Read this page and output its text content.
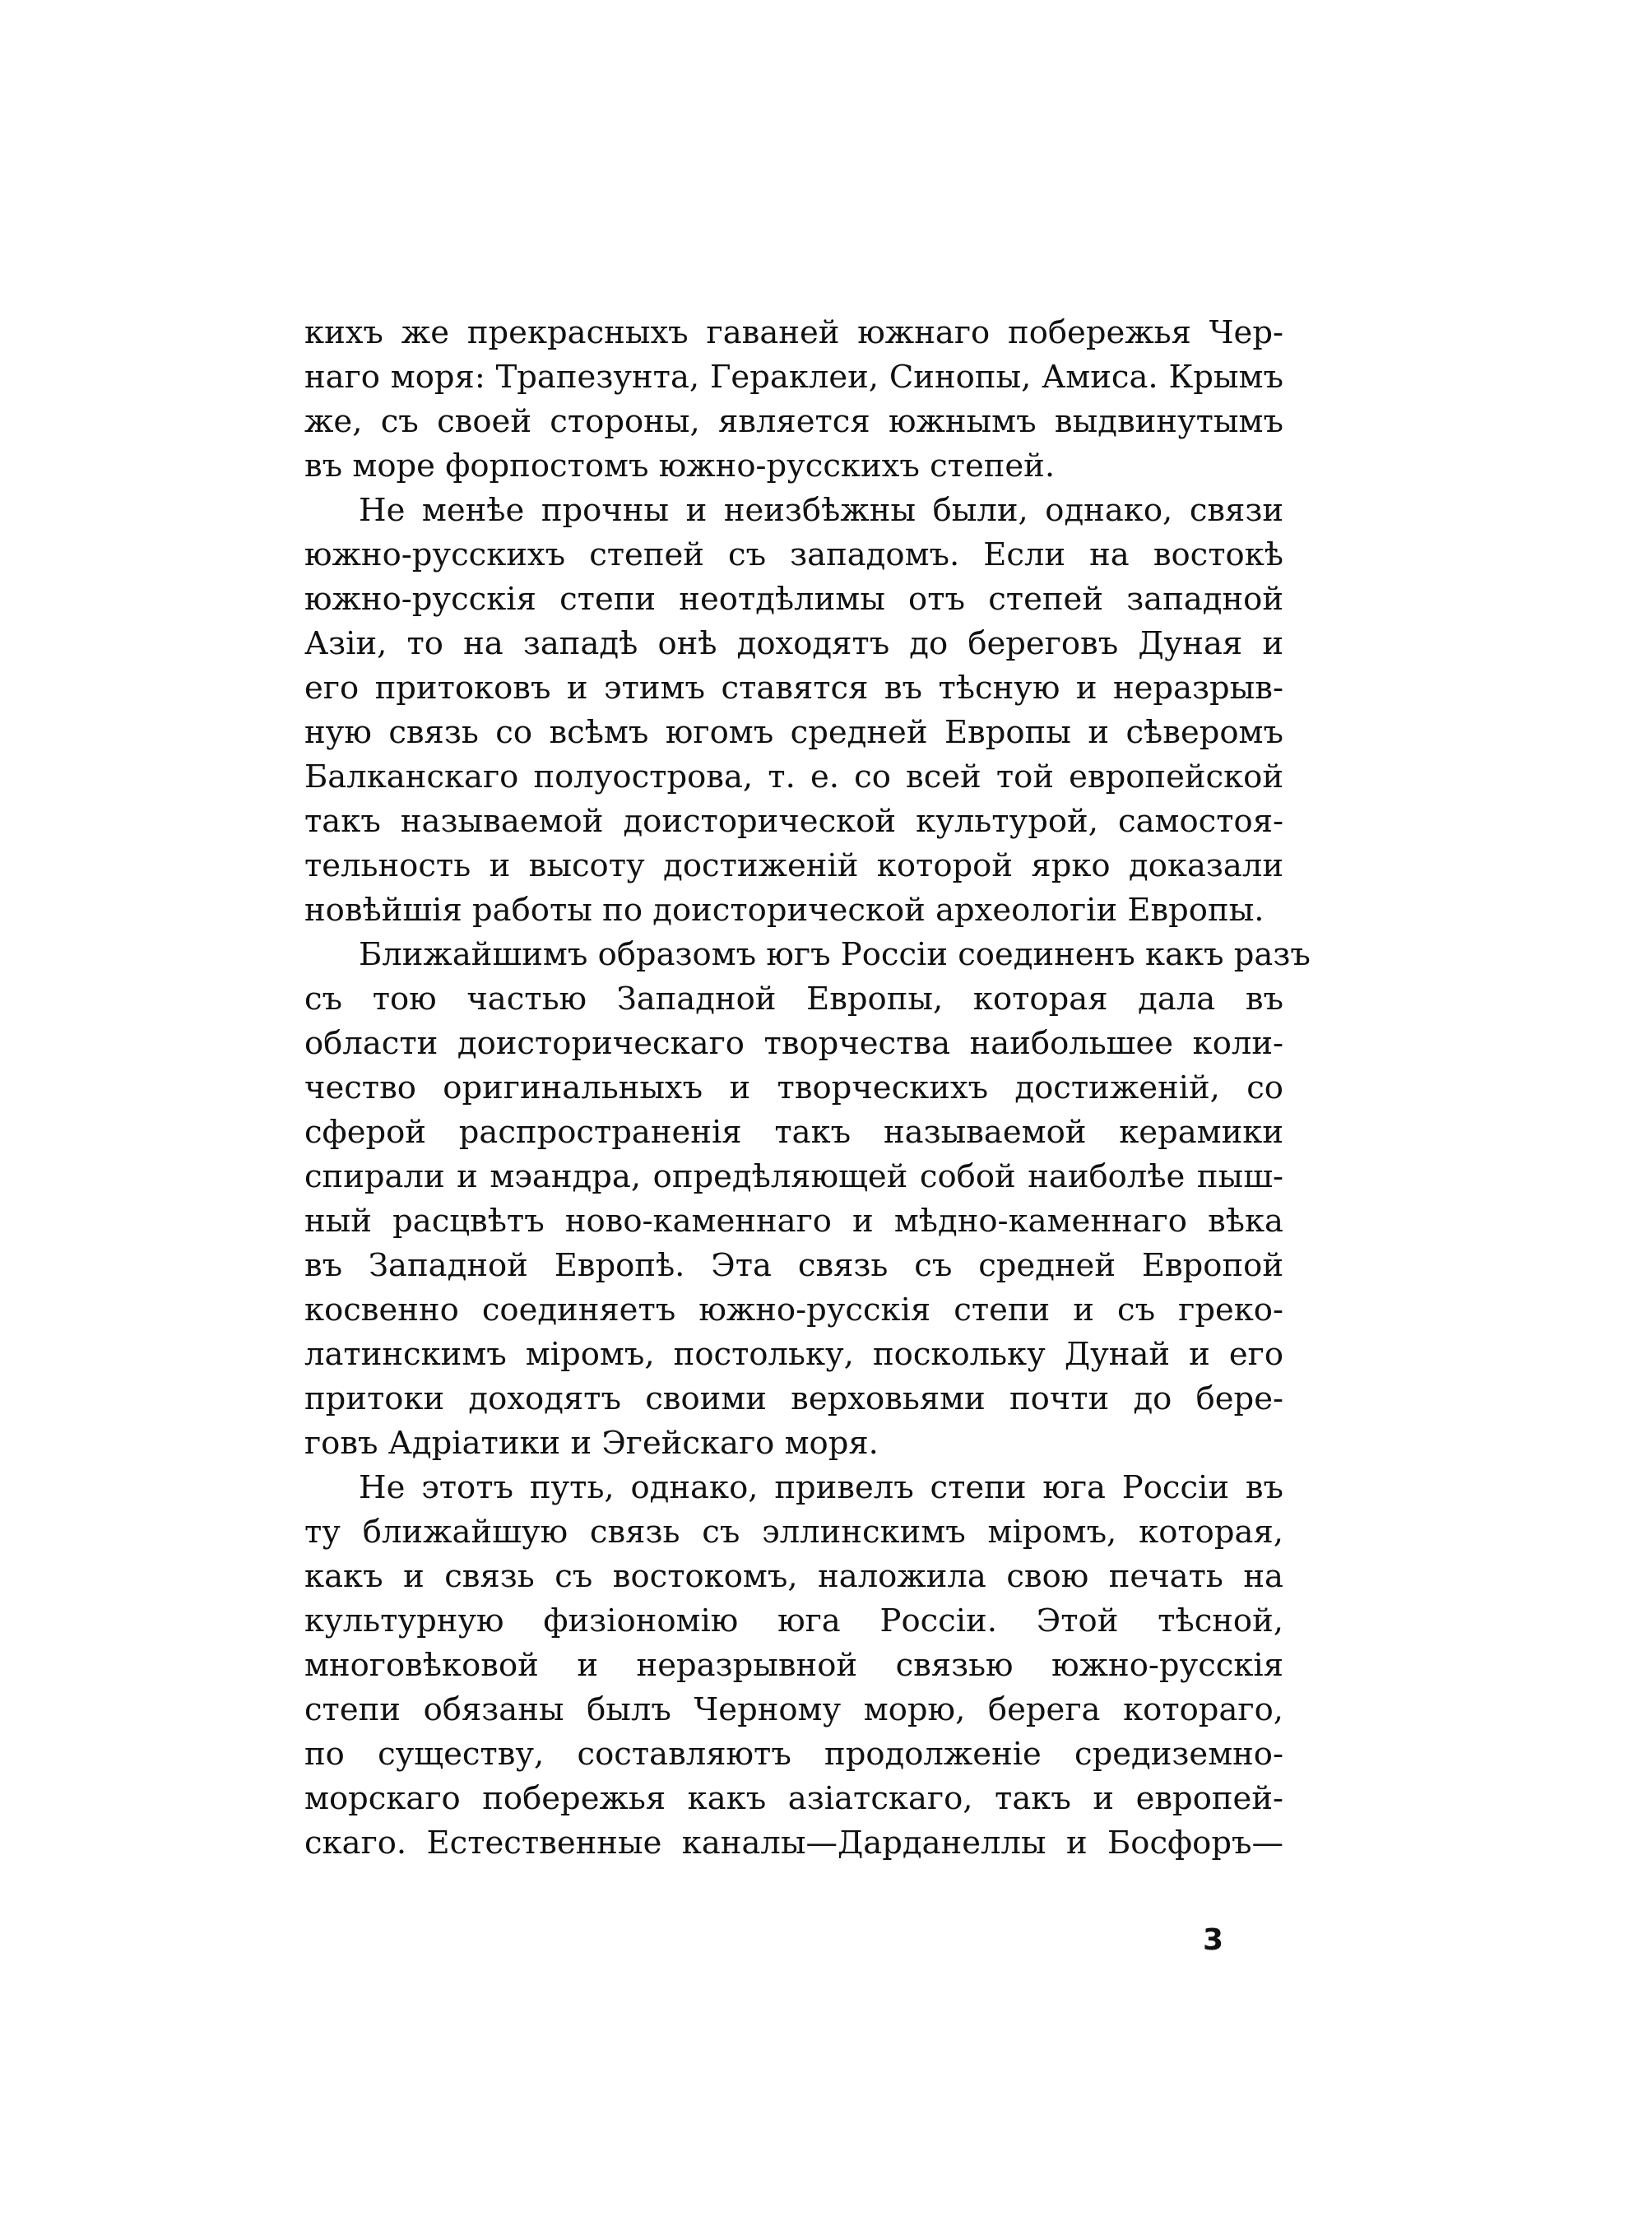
кихъ же прекрасныхъ гаваней южнаго побережья Чер-
наго моря: Трапезунта, Гераклеи, Синопы, Амиса. Крымъ
же, съ своей стороны, является южнымъ выдвинутымъ
въ море форпостомъ южно-русскихъ степей.
Не менѣе прочны и неизбѣжны были, однако, связи
южно-русскихъ степей съ западомъ. Если на востокѣ
южно-русскія степи неотдѣлимы отъ степей западной
Азіи, то на западѣ онѣ доходятъ до береговъ Дуная и
его притоковъ и этимъ ставятся въ тѣсную и неразрыв-
ную связь со всѣмъ югомъ средней Европы и сѣверомъ
Балканскаго полуострова, т. е. со всей той европейской
такъ называемой доисторической культурой, самостоя-
тельность и высоту достиженій которой ярко доказали
новѣйшія работы по доисторической археологіи Европы.
Ближайшимъ образомъ югъ Россіи соединенъ какъ разъ
съ тою частью Западной Европы, которая дала въ
области доисторическаго творчества наибольшее коли-
чество оригинальныхъ и творческихъ достиженій, со
сферой распространенія такъ называемой керамики
спирали и мэандра, опредѣляющей собой наиболѣе пыш-
ный расцвѣтъ ново-каменнаго и мѣдно-каменнаго вѣка
въ Западной Европѣ. Эта связь съ средней Европой
косвенно соединяетъ южно-русскія степи и съ греко-
латинскимъ міромъ, постольку, поскольку Дунай и его
притоки доходятъ своими верховьями почти до бере-
говъ Адріатики и Эгейскаго моря.
Не этотъ путь, однако, привелъ степи юга Россіи въ
ту ближайшую связь съ эллинскимъ міромъ, которая,
какъ и связь съ востокомъ, наложила свою печать на
культурную физіономію юга Россіи. Этой тѣсной,
многовѣковой и неразрывной связью южно-русскія
степи обязаны былъ Черному морю, берега котораго,
по существу, составляютъ продолженіе средиземно-
морскаго побережья какъ азіатскаго, такъ и европей-
скаго. Естественные каналы—Дарданеллы и Босфоръ—
3
